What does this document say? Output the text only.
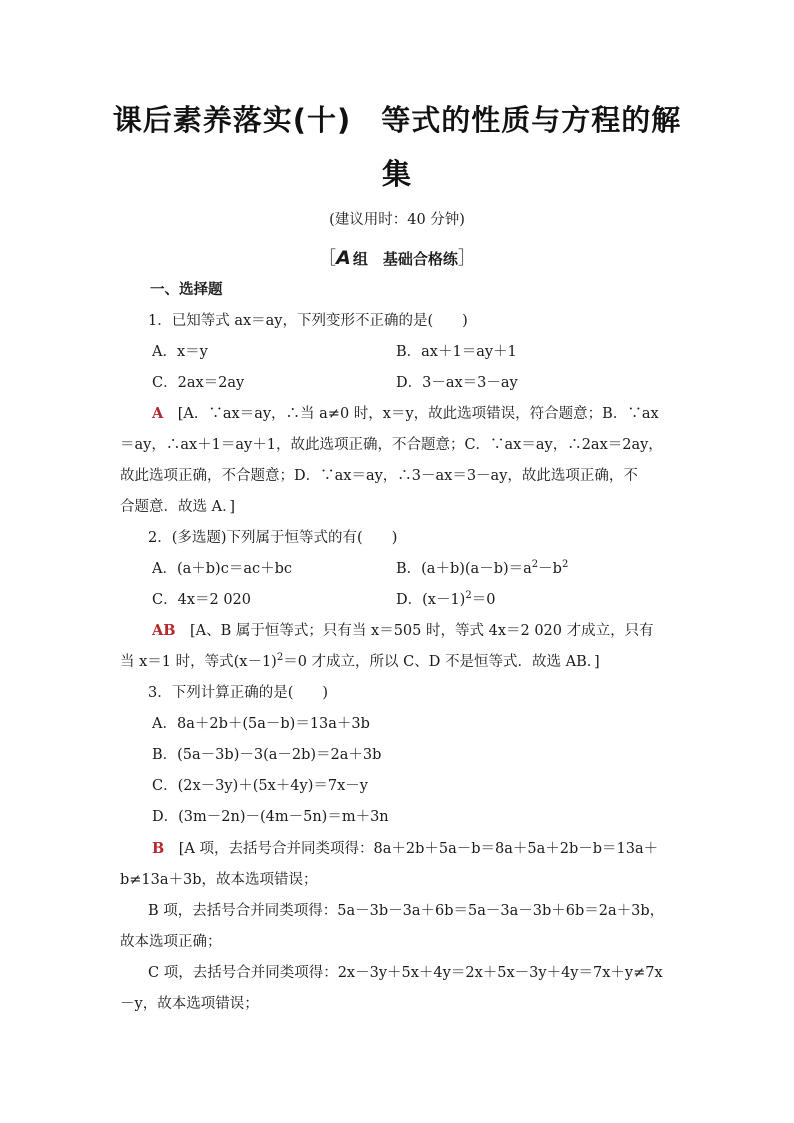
课后素养落实(十)　等式的性质与方程的解
集
(建议用时：40 分钟)
［A 组　基础合格练］
一、选择题
1．已知等式 ax＝ay，下列变形不正确的是(　　)
A．x＝y	B．ax＋1＝ay＋1
C．2ax＝2ay	D．3－ax＝3－ay
A　 [A．∵ax＝ay，∴当 a≠0 时，x＝y，故此选项错误，符合题意；B．∵ax
＝ay，∴ax＋1＝ay＋1，故此选项正确，不合题意；C．∵ax＝ay，∴2ax＝2ay，
故此选项正确，不合题意；D．∵ax＝ay，∴3－ax＝3－ay，故此选项正确，不
合题意．故选 A．]
2．(多选题)下列属于恒等式的有(　　)
A．(a＋b)c＝ac＋bc	B．$(a+b)(a-b)=a^2-b^2$
C．4x＝2 020	D．$(x-1)^2=0$
AB　 [A、B 属于恒等式；只有当 x＝505 时，等式 4x＝2 020 才成立，只有
当 x＝1 时，等式$(x-1)^2=0$ 才成立，所以 C、D 不是恒等式．故选 AB．]
3．下列计算正确的是(　　)
A．8a＋2b＋(5a－b)＝13a＋3b
B．(5a－3b)－3(a－2b)＝2a＋3b
C．(2x－3y)＋(5x＋4y)＝7x－y
D．(3m－2n)－(4m－5n)＝m＋3n
B　 [A 项，去括号合并同类项得：8a＋2b＋5a－b＝8a＋5a＋2b－b＝13a＋
b≠13a＋3b，故本选项错误；
B 项，去括号合并同类项得：5a－3b－3a＋6b＝5a－3a－3b＋6b＝2a＋3b，
故本选项正确；
C 项，去括号合并同类项得：2x－3y＋5x＋4y＝2x＋5x－3y＋4y＝7x＋y≠7x
－y，故本选项错误；
